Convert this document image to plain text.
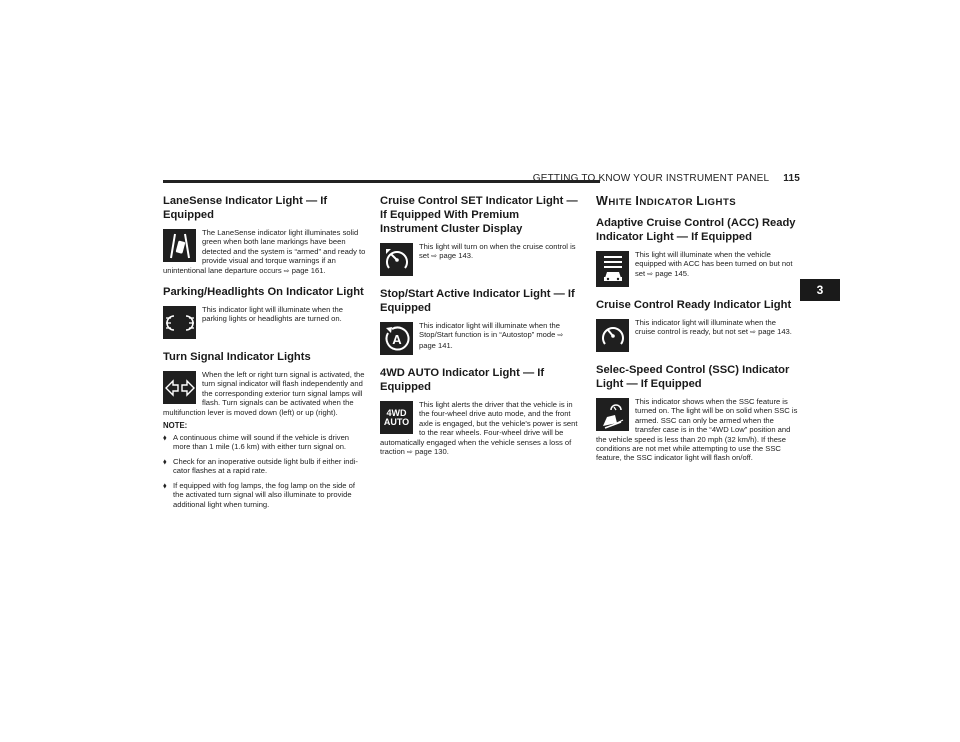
GETTING TO KNOW YOUR INSTRUMENT PANEL 115
3
LaneSense Indicator Light — If Equipped

The LaneSense indicator light illuminates solid green when both lane markings have been detected and the system is “armed” and ready to provide visual and torque warnings if an unintentional lane departure occurs ⇨ page 161.

Parking/Headlights On Indicator Light

This indicator light will illuminate when the parking lights or headlights are turned on.

Turn Signal Indicator Lights

When the left or right turn signal is activated, the turn signal indicator will flash independently and the corresponding exterior turn signal lamps will flash. Turn signals can be activated when the multifunction lever is moved down (left) or up (right).

NOTE:
⬧ A continuous chime will sound if the vehicle is driven more than 1 mile (1.6 km) with either turn signal on.
⬧ Check for an inoperative outside light bulb if either indi-cator flashes at a rapid rate.
⬧ If equipped with fog lamps, the fog lamp on the side of the activated turn signal will also illuminate to provide additional light when turning.
Cruise Control SET Indicator Light — If Equipped With Premium Instrument Cluster Display

This light will turn on when the cruise control is set ⇨ page 143.

Stop/Start Active Indicator Light — If Equipped
A

This indicator light will illuminate when the Stop/Start function is in “Autostop” mode ⇨ page 141.

4WD AUTO Indicator Light — If Equipped
4WD
AUTO

This light alerts the driver that the vehicle is in the four-wheel drive auto mode, and the front axle is engaged, but the vehicle's power is sent to the rear wheels. Four-wheel drive will be automatically engaged when the vehicle senses a loss of traction ⇨ page 130.

WHITE INDICATOR LIGHTS
Adaptive Cruise Control (ACC) Ready Indicator Light — If Equipped

This light will illuminate when the vehicle equipped with ACC has been turned on but not set ⇨ page 145.

Cruise Control Ready Indicator Light

This indicator light will illuminate when the cruise control is ready, but not set ⇨ page 143.

Selec-Speed Control (SSC) Indicator Light — If Equipped

This indicator shows when the SSC feature is turned on. The light will be on solid when SSC is armed. SSC can only be armed when the transfer case is in the “4WD Low” position and the vehicle speed is less than 20 mph (32 km/h). If these conditions are not met while attempting to use the SSC feature, the SSC indicator light will flash on/off.
